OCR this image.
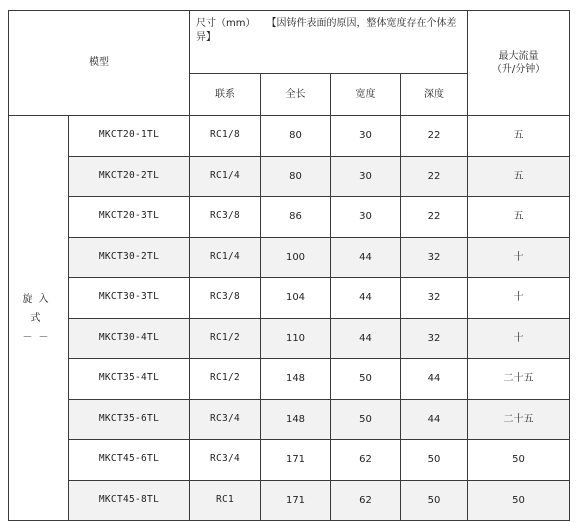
模型		尺寸（mm） 【因铸件表面的原因，整体宽度存在个体差异】				最大流量
（升/分钟）

		联系	全长	宽度	深度	

旋入
式
－－	MKCT20-1TL	RC1/8	80	30	22	五
	MKCT20-2TL	RC1/4	80	30	22	五
	MKCT20-3TL	RC3/8	86	30	22	五
	MKCT30-2TL	RC1/4	100	44	32	十
	MKCT30-3TL	RC3/8	104	44	32	十
	MKCT30-4TL	RC1/2	110	44	32	十
	MKCT35-4TL	RC1/2	148	50	44	二十五
	MKCT35-6TL	RC3/4	148	50	44	二十五
	MKCT45-6TL	RC3/4	171	62	50	50
	MKCT45-8TL	RC1	171	62	50	50
